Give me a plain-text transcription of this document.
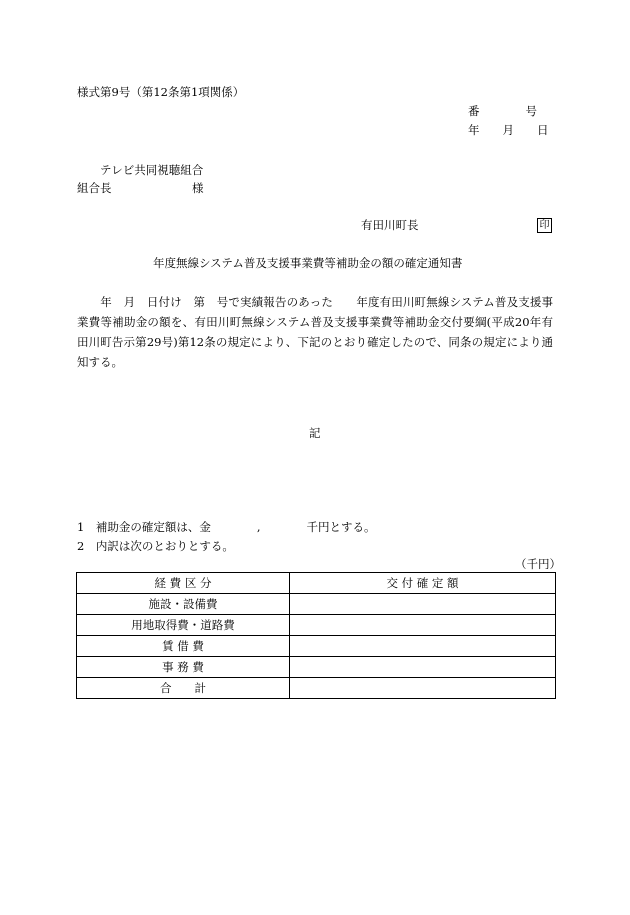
様式第9号（第12条第1項関係）
番　　　　号
年　　月　　日
テレビ共同視聴組合
組合長　　　　　　　様
有田川町長	印
年度無線システム普及支援事業費等補助金の額の確定通知書
　　年　月　日付け　第　号で実績報告のあった　　年度有田川町無線システム普及支援事業費等補助金の額を、有田川町無線システム普及支援事業費等補助金交付要綱(平成20年有田川町告示第29号)第12条の規定により、下記のとおり確定したので、同条の規定により通知する。
記
1　補助金の確定額は、金　　　　,　　　　千円とする。
2　内訳は次のとおりとする。
（千円）
経 費 区 分	交 付 確 定 額
施設・設備費	
用地取得費・道路費	
賃 借 費	
事 務 費	
合　　計	
